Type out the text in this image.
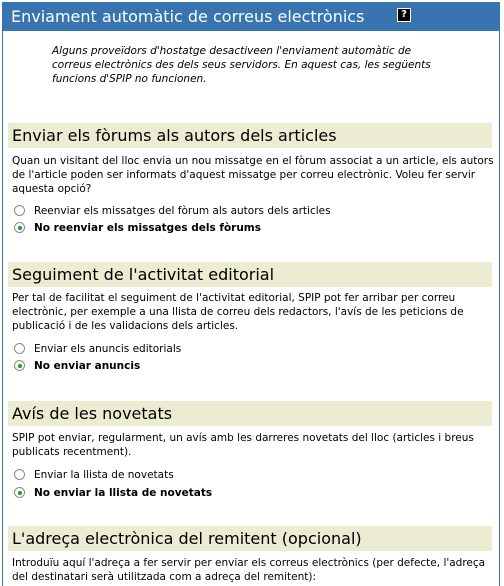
Enviament automàtic de correus electrònics	?
Alguns proveïdors d'hostatge desactiveen l'enviament automàtic de correus electrònics des dels seus servidors. En aquest cas, les següents funcions d'SPIP no funcionen.
Enviar els fòrums als autors dels articles
Quan un visitant del lloc envia un nou missatge en el fòrum associat a un article, els autors de l'article poden ser informats d'aquest missatge per correu electrònic. Voleu fer servir aquesta opció?
Reenviar els missatges del fòrum als autors dels articles
No reenviar els missatges dels fòrums
Seguiment de l'activitat editorial
Per tal de facilitat el seguiment de l'activitat editorial, SPIP pot fer arribar per correu electrònic, per exemple a una llista de correu dels redactors, l'avís de les peticions de publicació i de les validacions dels articles.
Enviar els anuncis editorials
No enviar anuncis
Avís de les novetats
SPIP pot enviar, regularment, un avís amb les darreres novetats del lloc (articles i breus publicats recentment).
Enviar la llista de novetats
No enviar la llista de novetats
L'adreça electrònica del remitent (opcional)
Introduïu aquí l'adreça a fer servir per enviar els correus electrònics (per defecte, l'adreça del destinatari serà utilitzada com a adreça del remitent):
